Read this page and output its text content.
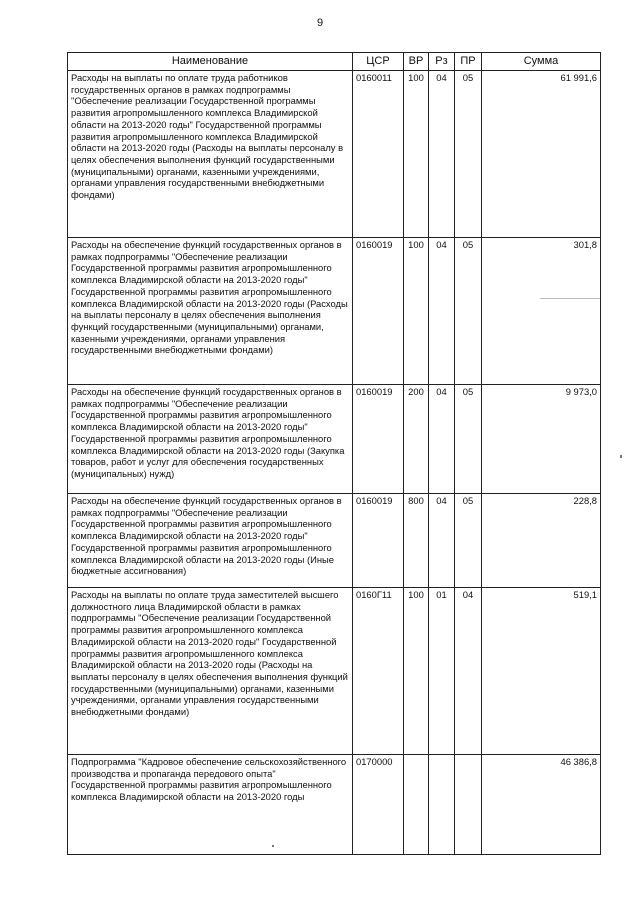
9
Наименование	ЦСР	ВР	Рз	ПР	Сумма
Расходы на выплаты по оплате труда работников государственных органов в рамках подпрограммы "Обеспечение реализации Государственной программы развития агропромышленного комплекса Владимирской области на 2013-2020 годы" Государственной программы развития агропромышленного комплекса Владимирской области на 2013-2020 годы (Расходы на выплаты персоналу в целях обеспечения выполнения функций государственными (муниципальными) органами, казенными учреждениями, органами управления государственными внебюджетными фондами)	0160011	100	04	05	61 991,6
Расходы на обеспечение функций государственных органов в рамках подпрограммы "Обеспечение реализации Государственной программы развития агропромышленного комплекса Владимирской области на 2013-2020 годы" Государственной программы развития агропромышленного комплекса Владимирской области на 2013-2020 годы (Расходы на выплаты персоналу в целях обеспечения выполнения функций государственными (муниципальными) органами, казенными учреждениями, органами управления государственными внебюджетными фондами)	0160019	100	04	05	301,8
Расходы на обеспечение функций государственных органов в рамках подпрограммы "Обеспечение реализации Государственной программы развития агропромышленного комплекса Владимирской области на 2013-2020 годы" Государственной программы развития агропромышленного комплекса Владимирской области на 2013-2020 годы (Закупка товаров, работ и услуг для обеспечения государственных (муниципальных) нужд)	0160019	200	04	05	9 973,0
Расходы на обеспечение функций государственных органов в рамках подпрограммы "Обеспечение реализации Государственной программы развития агропромышленного комплекса Владимирской области на 2013-2020 годы" Государственной программы развития агропромышленного комплекса Владимирской области на 2013-2020 годы (Иные бюджетные ассигнования)	0160019	800	04	05	228,8
Расходы на выплаты по оплате труда заместителей высшего должностного лица Владимирской области в рамках подпрограммы "Обеспечение реализации Государственной программы развития агропромышленного комплекса Владимирской области на 2013-2020 годы" Государственной программы развития агропромышленного комплекса Владимирской области на 2013-2020 годы (Расходы на выплаты персоналу в целях обеспечения выполнения функций государственными (муниципальными) органами, казенными учреждениями, органами управления государственными внебюджетными фондами)	0160Г11	100	01	04	519,1
Подпрограмма "Кадровое обеспечение сельскохозяйственного производства и пропаганда передового опыта" Государственной программы развития агропромышленного комплекса Владимирской области на 2013-2020 годы	0170000				46 386,8
